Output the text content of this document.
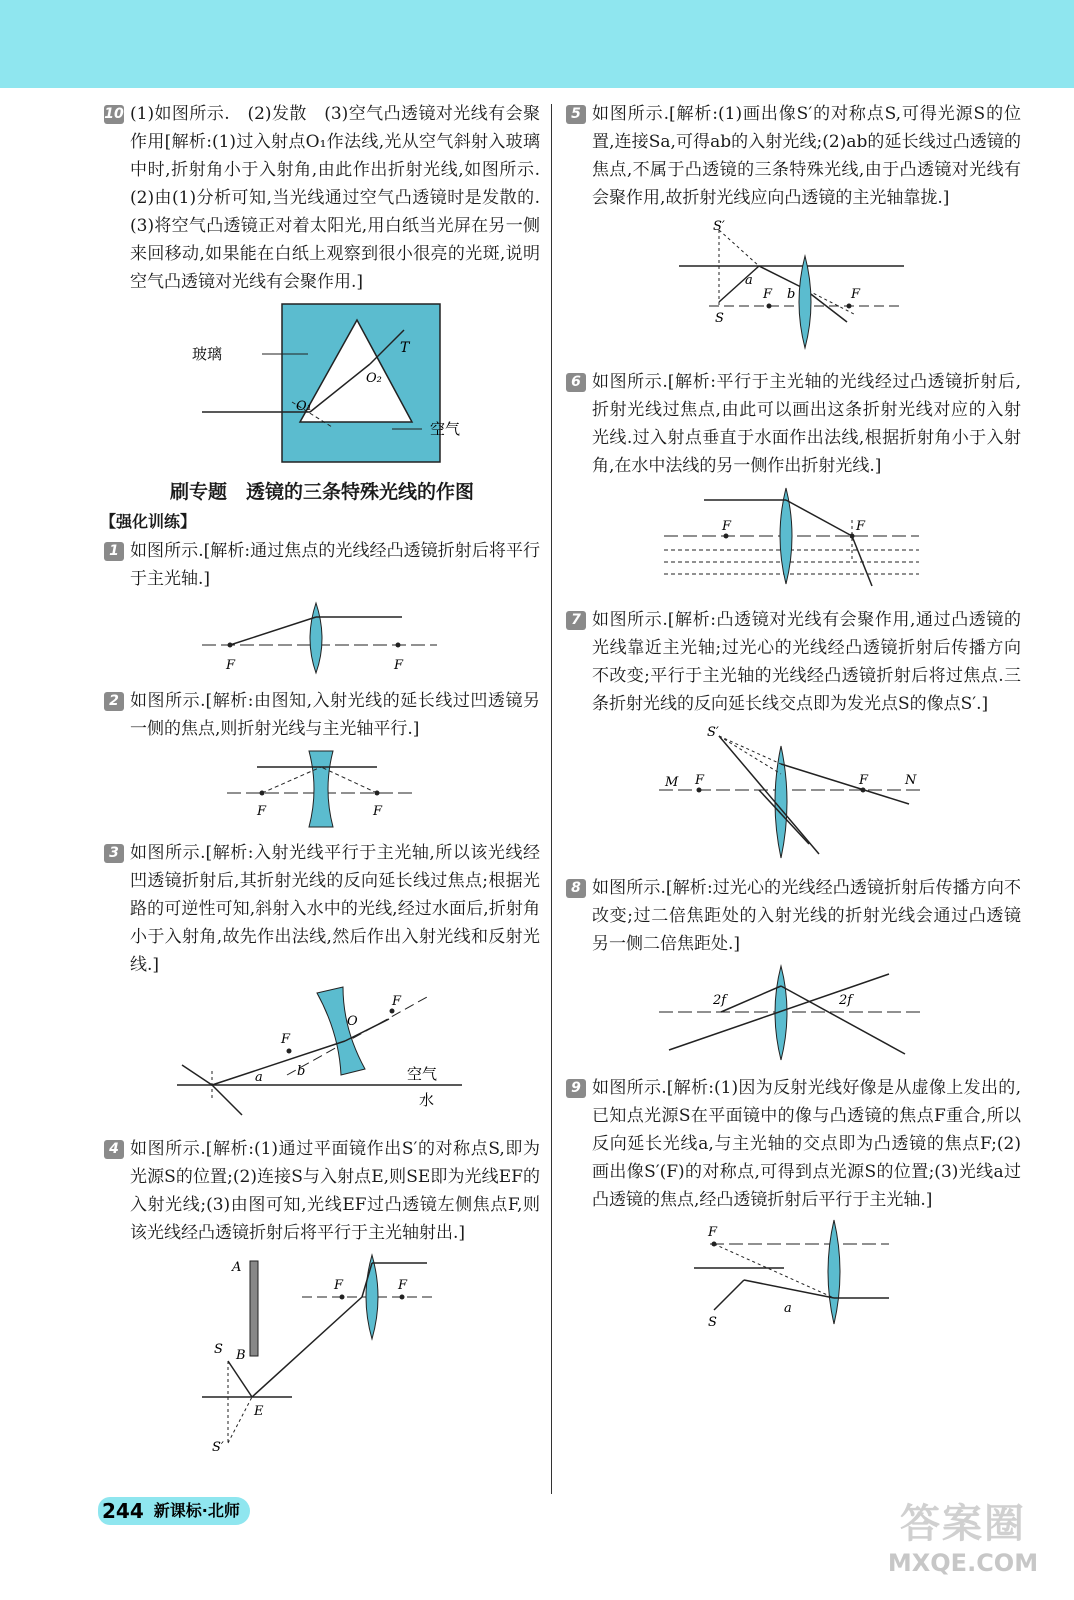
10 (1)如图所示.　(2)发散　(3)空气凸透镜对光线有会聚作用[解析:(1)过入射点O₁作法线,光从空气斜射入玻璃中时,折射角小于入射角,由此作出折射光线,如图所示.(2)由(1)分析可知,当光线通过空气凸透镜时是发散的.(3)将空气凸透镜正对着太阳光,用白纸当光屏在另一侧来回移动,如果能在白纸上观察到很小很亮的光斑,说明空气凸透镜对光线有会聚作用.]

玻璃
空气
O₁
O₂
T
刷专题　透镜的三条特殊光线的作图
【强化训练】

1 如图所示.[解析:通过焦点的光线经凸透镜折射后将平行于主光轴.]

F	F

2 如图所示.[解析:由图知,入射光线的延长线过凹透镜另一侧的焦点,则折射光线与主光轴平行.]

F	F

3 如图所示.[解析:入射光线平行于主光轴,所以该光线经凹透镜折射后,其折射光线的反向延长线过焦点;根据光路的可逆性可知,斜射入水中的光线,经过水面后,折射角小于入射角,故先作出法线,然后作出入射光线和反射光线.]

F
F
O
a	b	空气
水

4 如图所示.[解析:(1)通过平面镜作出S′的对称点S,即为光源S的位置;(2)连接S与入射点E,则SE即为光线EF的入射光线;(3)由图可知,光线EF过凸透镜左侧焦点F,则该光线经凸透镜折射后将平行于主光轴射出.]

A
B
S
E
S′
F	F

5 如图所示.[解析:(1)画出像S′的对称点S,可得光源S的位置,连接Sa,可得ab的入射光线;(2)ab的延长线过凸透镜的焦点,不属于凸透镜的三条特殊光线,由于凸透镜对光线有会聚作用,故折射光线应向凸透镜的主光轴靠拢.]

S′
S
a
b
F	F

6 如图所示.[解析:平行于主光轴的光线经过凸透镜折射后,折射光线过焦点,由此可以画出这条折射光线对应的入射光线.过入射点垂直于水面作出法线,根据折射角小于入射角,在水中法线的另一侧作出折射光线.]

F	F

7 如图所示.[解析:凸透镜对光线有会聚作用,通过凸透镜的光线靠近主光轴;过光心的光线经凸透镜折射后传播方向不改变;平行于主光轴的光线经凸透镜折射后将过焦点.三条折射光线的反向延长线交点即为发光点S的像点S′.]

S′
M F	F	N

8 如图所示.[解析:过光心的光线经凸透镜折射后传播方向不改变;过二倍焦距处的入射光线的折射光线会通过凸透镜另一侧二倍焦距处.]

2f	2f

9 如图所示.[解析:(1)因为反射光线好像是从虚像上发出的,已知点光源S在平面镜中的像与凸透镜的焦点F重合,所以反向延长光线a,与主光轴的交点即为凸透镜的焦点F;(2)画出像S′(F)的对称点,可得到点光源S的位置;(3)光线a过凸透镜的焦点,经凸透镜折射后平行于主光轴.]

F
a
S
244 新课标·北师	答案圈
MXQE.COM
